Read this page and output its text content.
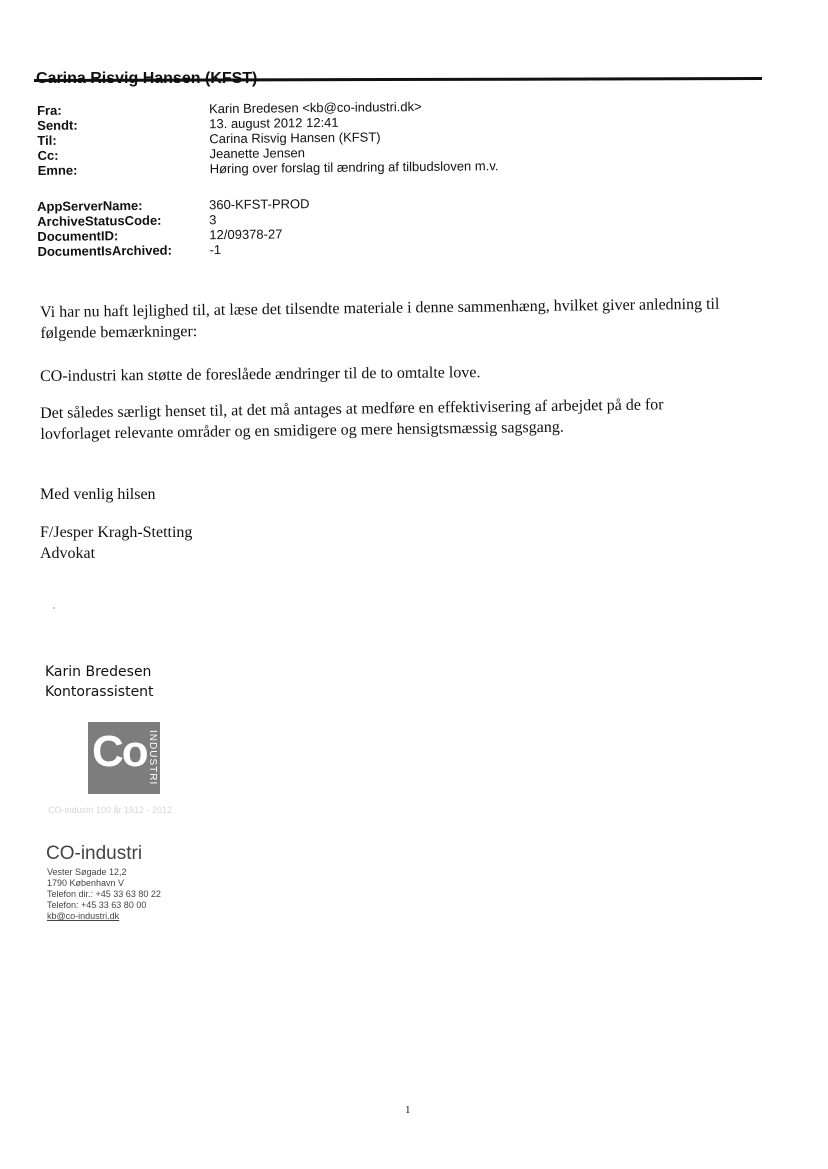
Fra:	Karin Bredesen <kb@co-industri.dk>
Sendt:	13. august 2012 12:41
Til:	Carina Risvig Hansen (KFST)
Cc:	Jeanette Jensen
Emne:	Høring over forslag til ændring af tilbudsloven m.v.
AppServerName:	360-KFST-PROD
ArchiveStatusCode:	3
DocumentID:	12/09378-27
DocumentIsArchived:	-1
Vi har nu haft lejlighed til, at læse det tilsendte materiale i denne sammenhæng, hvilket giver anledning til
følgende bemærkninger:
CO-industri kan støtte de foreslåede ændringer til de to omtalte love.
Det således særligt henset til, at det må antages at medføre en effektivisering af arbejdet på de for
lovforlaget relevante områder og en smidigere og mere hensigtsmæssig sagsgang.
Med venlig hilsen
F/Jesper Kragh-Stetting
Advokat
Karin Bredesen
Kontorassistent
Co INDUSTRI
CO-industri 100 år 1912 - 2012
CO-industri
Vester Søgade 12,2
1790 København V
Telefon dir.: +45 33 63 80 22
Telefon: +45 33 63 80 00
kb@co-industri.dk
1
